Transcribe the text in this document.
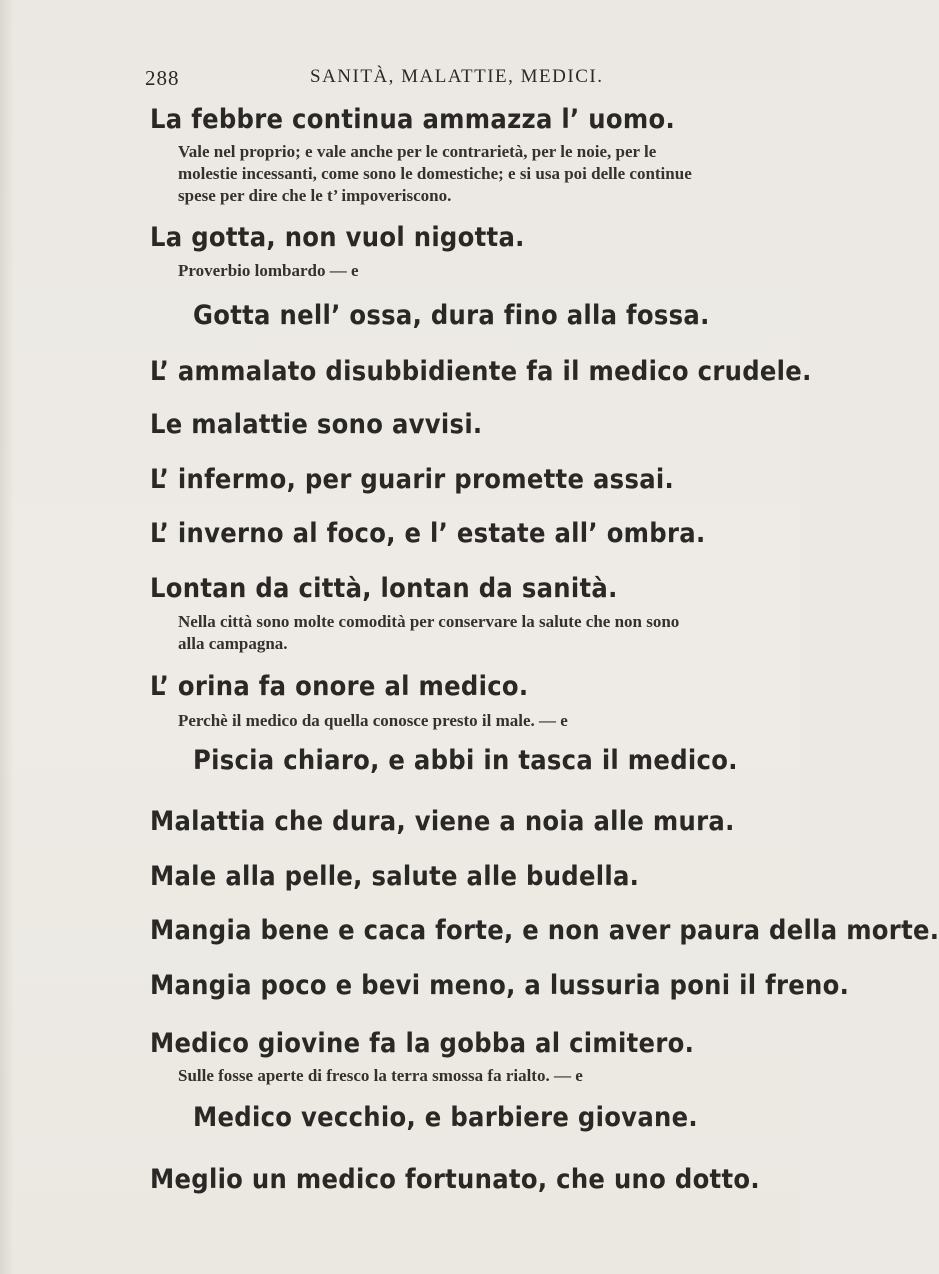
288	SANITÀ, MALATTIE, MEDICI.
La febbre continua ammazza l’ uomo.
Vale nel proprio; e vale anche per le contrarietà, per le noie, per le
molestie incessanti, come sono le domestiche; e si usa poi delle continue
spese per dire che le t’ impoveriscono.
La gotta, non vuol nigotta.
Proverbio lombardo — e
Gotta nell’ ossa, dura fino alla fossa.
L’ ammalato disubbidiente fa il medico crudele.
Le malattie sono avvisi.
L’ infermo, per guarir promette assai.
L’ inverno al foco, e l’ estate all’ ombra.
Lontan da città, lontan da sanità.
Nella città sono molte comodità per conservare la salute che non sono
alla campagna.
L’ orina fa onore al medico.
Perchè il medico da quella conosce presto il male. — e
Piscia chiaro, e abbi in tasca il medico.
Malattia che dura, viene a noia alle mura.
Male alla pelle, salute alle budella.
Mangia bene e caca forte, e non aver paura della morte.
Mangia poco e bevi meno, a lussuria poni il freno.
Medico giovine fa la gobba al cimitero.
Sulle fosse aperte di fresco la terra smossa fa rialto. — e
Medico vecchio, e barbiere giovane.
Meglio un medico fortunato, che uno dotto.
